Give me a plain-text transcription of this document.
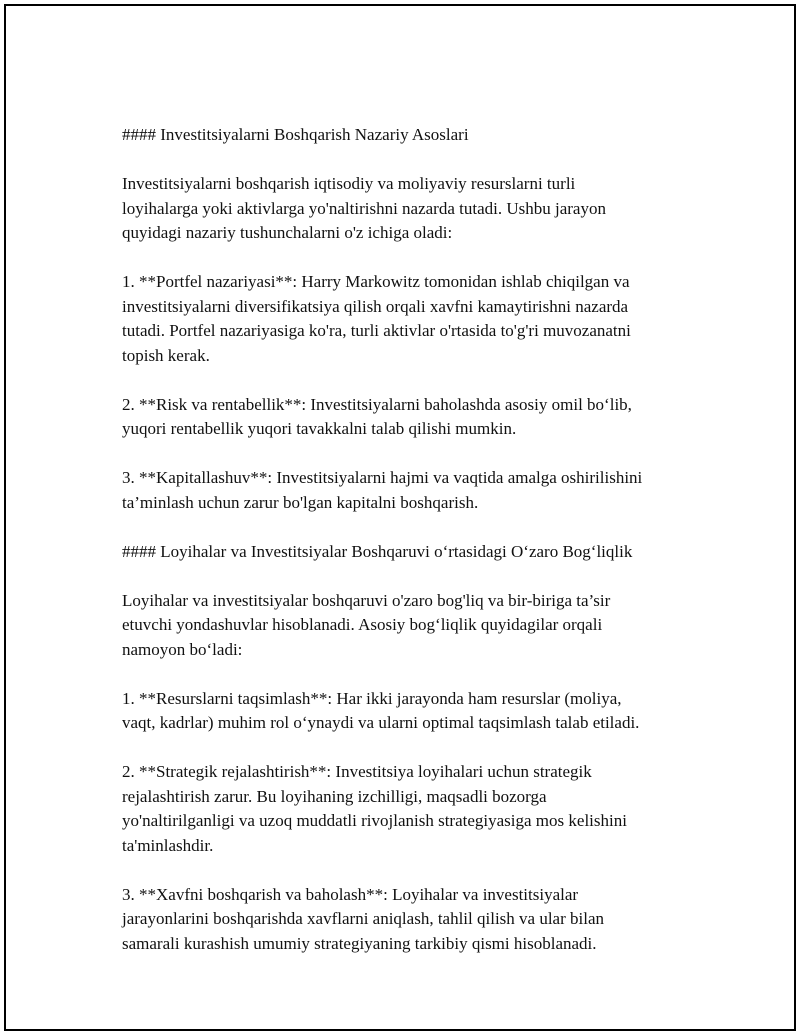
#### Investitsiyalarni Boshqarish Nazariy Asoslari

Investitsiyalarni boshqarish iqtisodiy va moliyaviy resurslarni turli
loyihalarga yoki aktivlarga yo'naltirishni nazarda tutadi. Ushbu jarayon
quyidagi nazariy tushunchalarni o'z ichiga oladi:

1. **Portfel nazariyasi**: Harry Markowitz tomonidan ishlab chiqilgan va
investitsiyalarni diversifikatsiya qilish orqali xavfni kamaytirishni nazarda
tutadi. Portfel nazariyasiga ko'ra, turli aktivlar o'rtasida to'g'ri muvozanatni
topish kerak.

2. **Risk va rentabellik**: Investitsiyalarni baholashda asosiy omil bo‘lib,
yuqori rentabellik yuqori tavakkalni talab qilishi mumkin.

3. **Kapitallashuv**: Investitsiyalarni hajmi va vaqtida amalga oshirilishini
ta’minlash uchun zarur bo'lgan kapitalni boshqarish.

#### Loyihalar va Investitsiyalar Boshqaruvi o‘rtasidagi O‘zaro Bog‘liqlik

Loyihalar va investitsiyalar boshqaruvi o'zaro bog'liq va bir-biriga ta’sir
etuvchi yondashuvlar hisoblanadi. Asosiy bog‘liqlik quyidagilar orqali
namoyon bo‘ladi:

1. **Resurslarni taqsimlash**: Har ikki jarayonda ham resurslar (moliya,
vaqt, kadrlar) muhim rol o‘ynaydi va ularni optimal taqsimlash talab etiladi.

2. **Strategik rejalashtirish**: Investitsiya loyihalari uchun strategik
rejalashtirish zarur. Bu loyihaning izchilligi, maqsadli bozorga
yo'naltirilganligi va uzoq muddatli rivojlanish strategiyasiga mos kelishini
ta'minlashdir.

3. **Xavfni boshqarish va baholash**: Loyihalar va investitsiyalar
jarayonlarini boshqarishda xavflarni aniqlash, tahlil qilish va ular bilan
samarali kurashish umumiy strategiyaning tarkibiy qismi hisoblanadi.
